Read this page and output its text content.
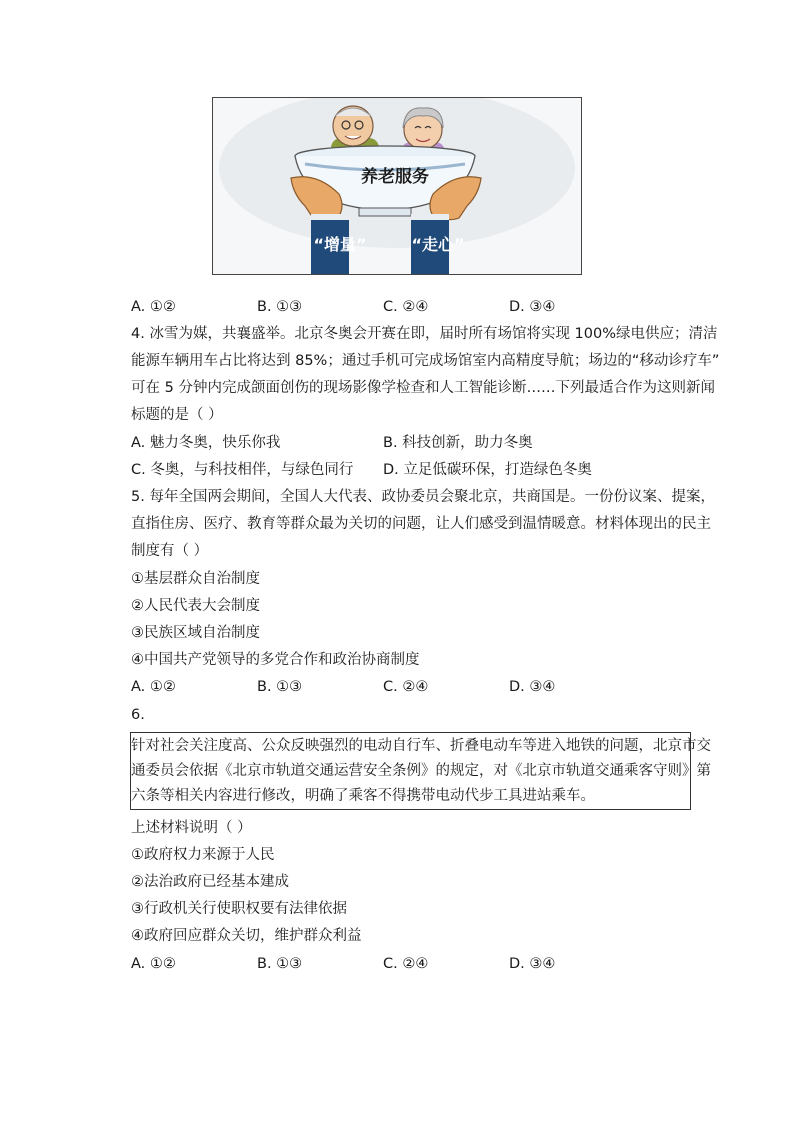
养老服务
“增量”	“走心”
A. ①②	B. ①③	C. ②④	D. ③④
4. 冰雪为媒，共襄盛举。北京冬奥会开赛在即，届时所有场馆将实现 100%绿电供应；清洁
能源车辆用车占比将达到 85%；通过手机可完成场馆室内高精度导航；场边的“移动诊疗车”
可在 5 分钟内完成颌面创伤的现场影像学检查和人工智能诊断……下列最适合作为这则新闻
标题的是（ ）
A. 魅力冬奥，快乐你我	B. 科技创新，助力冬奥
C. 冬奥，与科技相伴，与绿色同行 D. 立足低碳环保，打造绿色冬奥
5. 每年全国两会期间，全国人大代表、政协委员会聚北京，共商国是。一份份议案、提案，
直指住房、医疗、教育等群众最为关切的问题，让人们感受到温情暖意。材料体现出的民主
制度有（ ）
①基层群众自治制度
②人民代表大会制度
③民族区域自治制度
④中国共产党领导的多党合作和政治协商制度
A. ①②	B. ①③	C. ②④	D. ③④
6.
针对社会关注度高、公众反映强烈的电动自行车、折叠电动车等进入地铁的问题，北京市交
通委员会依据《北京市轨道交通运营安全条例》的规定，对《北京市轨道交通乘客守则》第
六条等相关内容进行修改，明确了乘客不得携带电动代步工具进站乘车。
上述材料说明（ ）
①政府权力来源于人民
②法治政府已经基本建成
③行政机关行使职权要有法律依据
④政府回应群众关切，维护群众利益
A. ①②	B. ①③	C. ②④	D. ③④
